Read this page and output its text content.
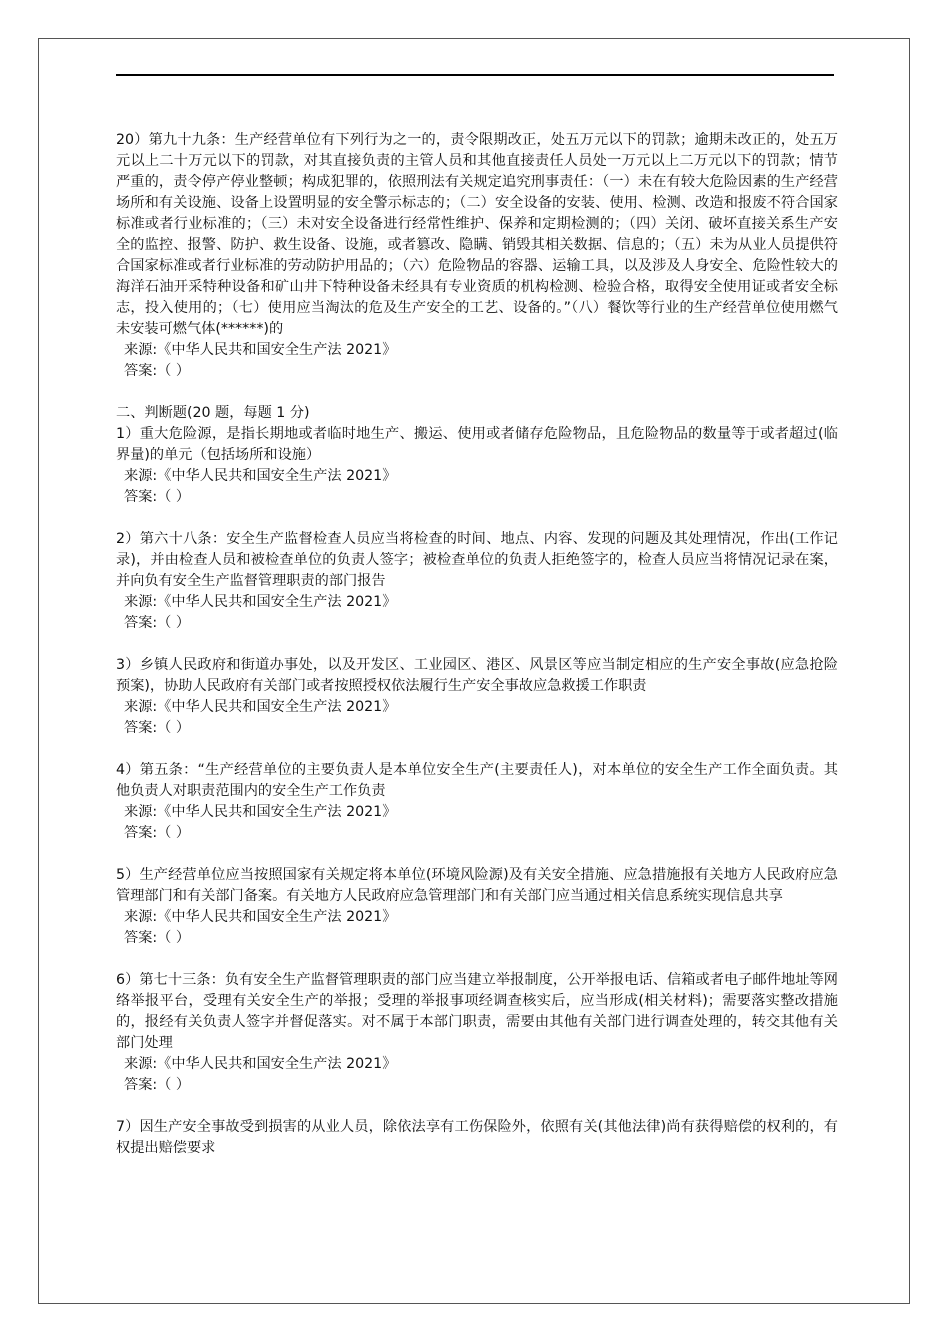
20）第九十九条：生产经营单位有下列行为之一的，责令限期改正，处五万元以下的罚款；逾期未改正的，处五万元以上二十万元以下的罚款，对其直接负责的主管人员和其他直接责任人员处一万元以上二万元以下的罚款；情节严重的，责令停产停业整顿；构成犯罪的，依照刑法有关规定追究刑事责任：（一）未在有较大危险因素的生产经营场所和有关设施、设备上设置明显的安全警示标志的；（二）安全设备的安装、使用、检测、改造和报废不符合国家标准或者行业标准的；（三）未对安全设备进行经常性维护、保养和定期检测的；（四）关闭、破坏直接关系生产安全的监控、报警、防护、救生设备、设施，或者篡改、隐瞒、销毁其相关数据、信息的；（五）未为从业人员提供符合国家标准或者行业标准的劳动防护用品的；（六）危险物品的容器、运输工具，以及涉及人身安全、危险性较大的海洋石油开采特种设备和矿山井下特种设备未经具有专业资质的机构检测、检验合格，取得安全使用证或者安全标志，投入使用的；（七）使用应当淘汰的危及生产安全的工艺、设备的。”（八）餐饮等行业的生产经营单位使用燃气未安装可燃气体(******)的

来源:《中华人民共和国安全生产法 2021》

答案:（ ）

二、判断题(20 题，每题 1 分)

1）重大危险源，是指长期地或者临时地生产、搬运、使用或者储存危险物品，且危险物品的数量等于或者超过(临界量)的单元（包括场所和设施）

来源:《中华人民共和国安全生产法 2021》

答案:（ ）

2）第六十八条：安全生产监督检查人员应当将检查的时间、地点、内容、发现的问题及其处理情况，作出(工作记录)，并由检查人员和被检查单位的负责人签字；被检查单位的负责人拒绝签字的，检查人员应当将情况记录在案，并向负有安全生产监督管理职责的部门报告

来源:《中华人民共和国安全生产法 2021》

答案:（ ）

3）乡镇人民政府和街道办事处，以及开发区、工业园区、港区、风景区等应当制定相应的生产安全事故(应急抢险预案)，协助人民政府有关部门或者按照授权依法履行生产安全事故应急救援工作职责

来源:《中华人民共和国安全生产法 2021》

答案:（ ）

4）第五条：“生产经营单位的主要负责人是本单位安全生产(主要责任人)，对本单位的安全生产工作全面负责。其他负责人对职责范围内的安全生产工作负责

来源:《中华人民共和国安全生产法 2021》

答案:（ ）

5）生产经营单位应当按照国家有关规定将本单位(环境风险源)及有关安全措施、应急措施报有关地方人民政府应急管理部门和有关部门备案。有关地方人民政府应急管理部门和有关部门应当通过相关信息系统实现信息共享

来源:《中华人民共和国安全生产法 2021》

答案:（ ）

6）第七十三条：负有安全生产监督管理职责的部门应当建立举报制度，公开举报电话、信箱或者电子邮件地址等网络举报平台，受理有关安全生产的举报；受理的举报事项经调查核实后，应当形成(相关材料)；需要落实整改措施的，报经有关负责人签字并督促落实。对不属于本部门职责，需要由其他有关部门进行调查处理的，转交其他有关部门处理

来源:《中华人民共和国安全生产法 2021》

答案:（ ）

7）因生产安全事故受到损害的从业人员，除依法享有工伤保险外，依照有关(其他法律)尚有获得赔偿的权利的，有权提出赔偿要求
